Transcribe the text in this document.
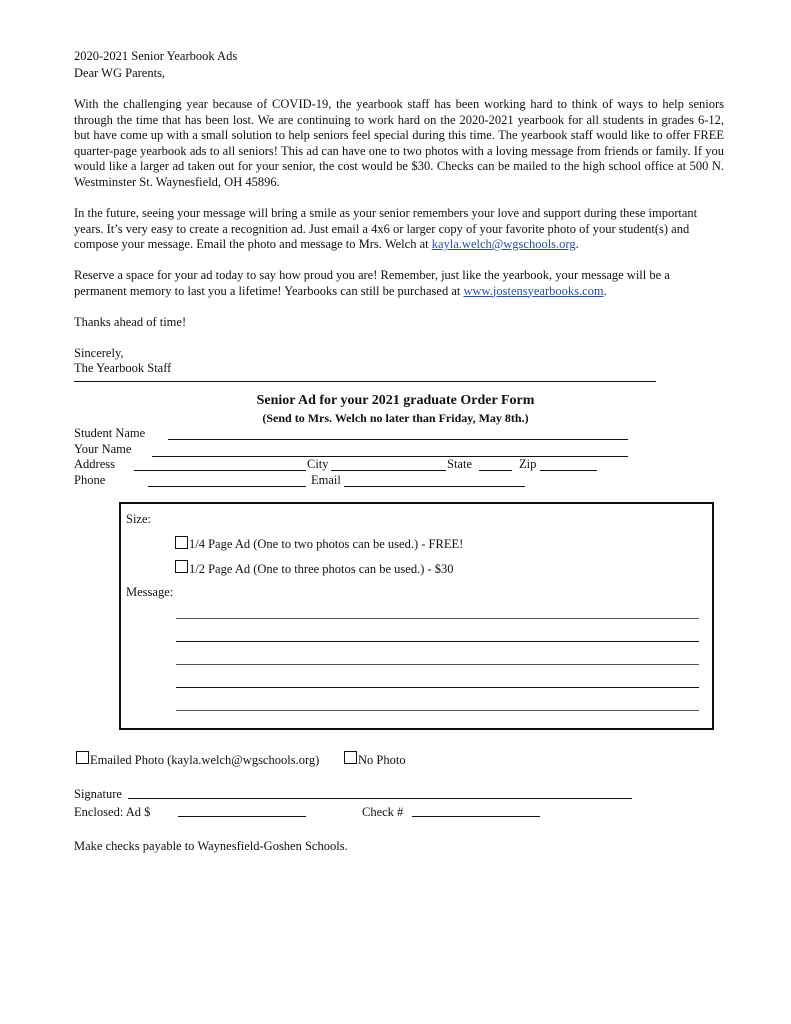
2020-2021 Senior Yearbook Ads
Dear WG Parents,
With the challenging year because of COVID-19, the yearbook staff has been working hard to think of ways to help seniors through the time that has been lost. We are continuing to work hard on the 2020-2021 yearbook for all students in grades 6-12, but have come up with a small solution to help seniors feel special during this time. The yearbook staff would like to offer FREE quarter-page yearbook ads to all seniors! This ad can have one to two photos with a loving message from friends or family. If you would like a larger ad taken out for your senior, the cost would be $30. Checks can be mailed to the high school office at 500 N. Westminster St. Waynesfield, OH 45896.
In the future, seeing your message will bring a smile as your senior remembers your love and support during these important years. It’s very easy to create a recognition ad. Just email a 4x6 or larger copy of your favorite photo of your student(s) and compose your message. Email the photo and message to Mrs. Welch at kayla.welch@wgschools.org.
Reserve a space for your ad today to say how proud you are! Remember, just like the yearbook, your message will be a permanent memory to last you a lifetime! Yearbooks can still be purchased at www.jostensyearbooks.com.
Thanks ahead of time!
Sincerely,
The Yearbook Staff
Senior Ad for your 2021 graduate Order Form
(Send to Mrs. Welch no later than Friday, May 8th.)
Student Name
Your Name
Address	City	State	Zip
Phone	Email
Size:
1/4 Page Ad (One to two photos can be used.) - FREE!
1/2 Page Ad (One to three photos can be used.) - $30
Message:
Emailed Photo (kayla.welch@wgschools.org)	No Photo
Signature
Enclosed: Ad $	Check #
Make checks payable to Waynesfield-Goshen Schools.
